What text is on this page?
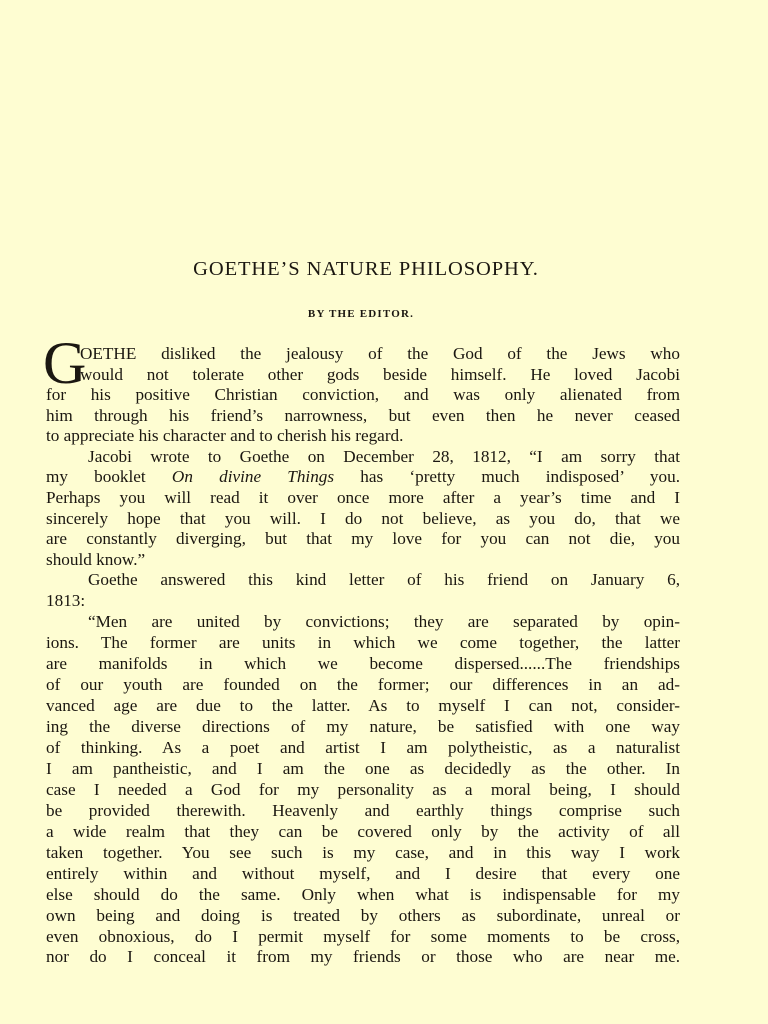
GOETHE’S NATURE PHILOSOPHY.
BY THE EDITOR.
G
OETHE disliked the jealousy of the God of the Jews who
would not tolerate other gods beside himself. He loved Jacobi
for his positive Christian conviction, and was only alienated from
him through his friend’s narrowness, but even then he never ceased
to appreciate his character and to cherish his regard.
Jacobi wrote to Goethe on December 28, 1812, “I am sorry that
my booklet On divine Things has ‘pretty much indisposed’ you.
Perhaps you will read it over once more after a year’s time and I
sincerely hope that you will. I do not believe, as you do, that we
are constantly diverging, but that my love for you can not die, you
should know.”
Goethe answered this kind letter of his friend on January 6,
1813:
“Men are united by convictions; they are separated by opin-
ions. The former are units in which we come together, the latter
are manifolds in which we become dispersed......The friendships
of our youth are founded on the former; our differences in an ad-
vanced age are due to the latter. As to myself I can not, consider-
ing the diverse directions of my nature, be satisfied with one way
of thinking. As a poet and artist I am polytheistic, as a naturalist
I am pantheistic, and I am the one as decidedly as the other. In
case I needed a God for my personality as a moral being, I should
be provided therewith. Heavenly and earthly things comprise such
a wide realm that they can be covered only by the activity of all
taken together. You see such is my case, and in this way I work
entirely within and without myself, and I desire that every one
else should do the same. Only when what is indispensable for my
own being and doing is treated by others as subordinate, unreal or
even obnoxious, do I permit myself for some moments to be cross,
nor do I conceal it from my friends or those who are near me.
